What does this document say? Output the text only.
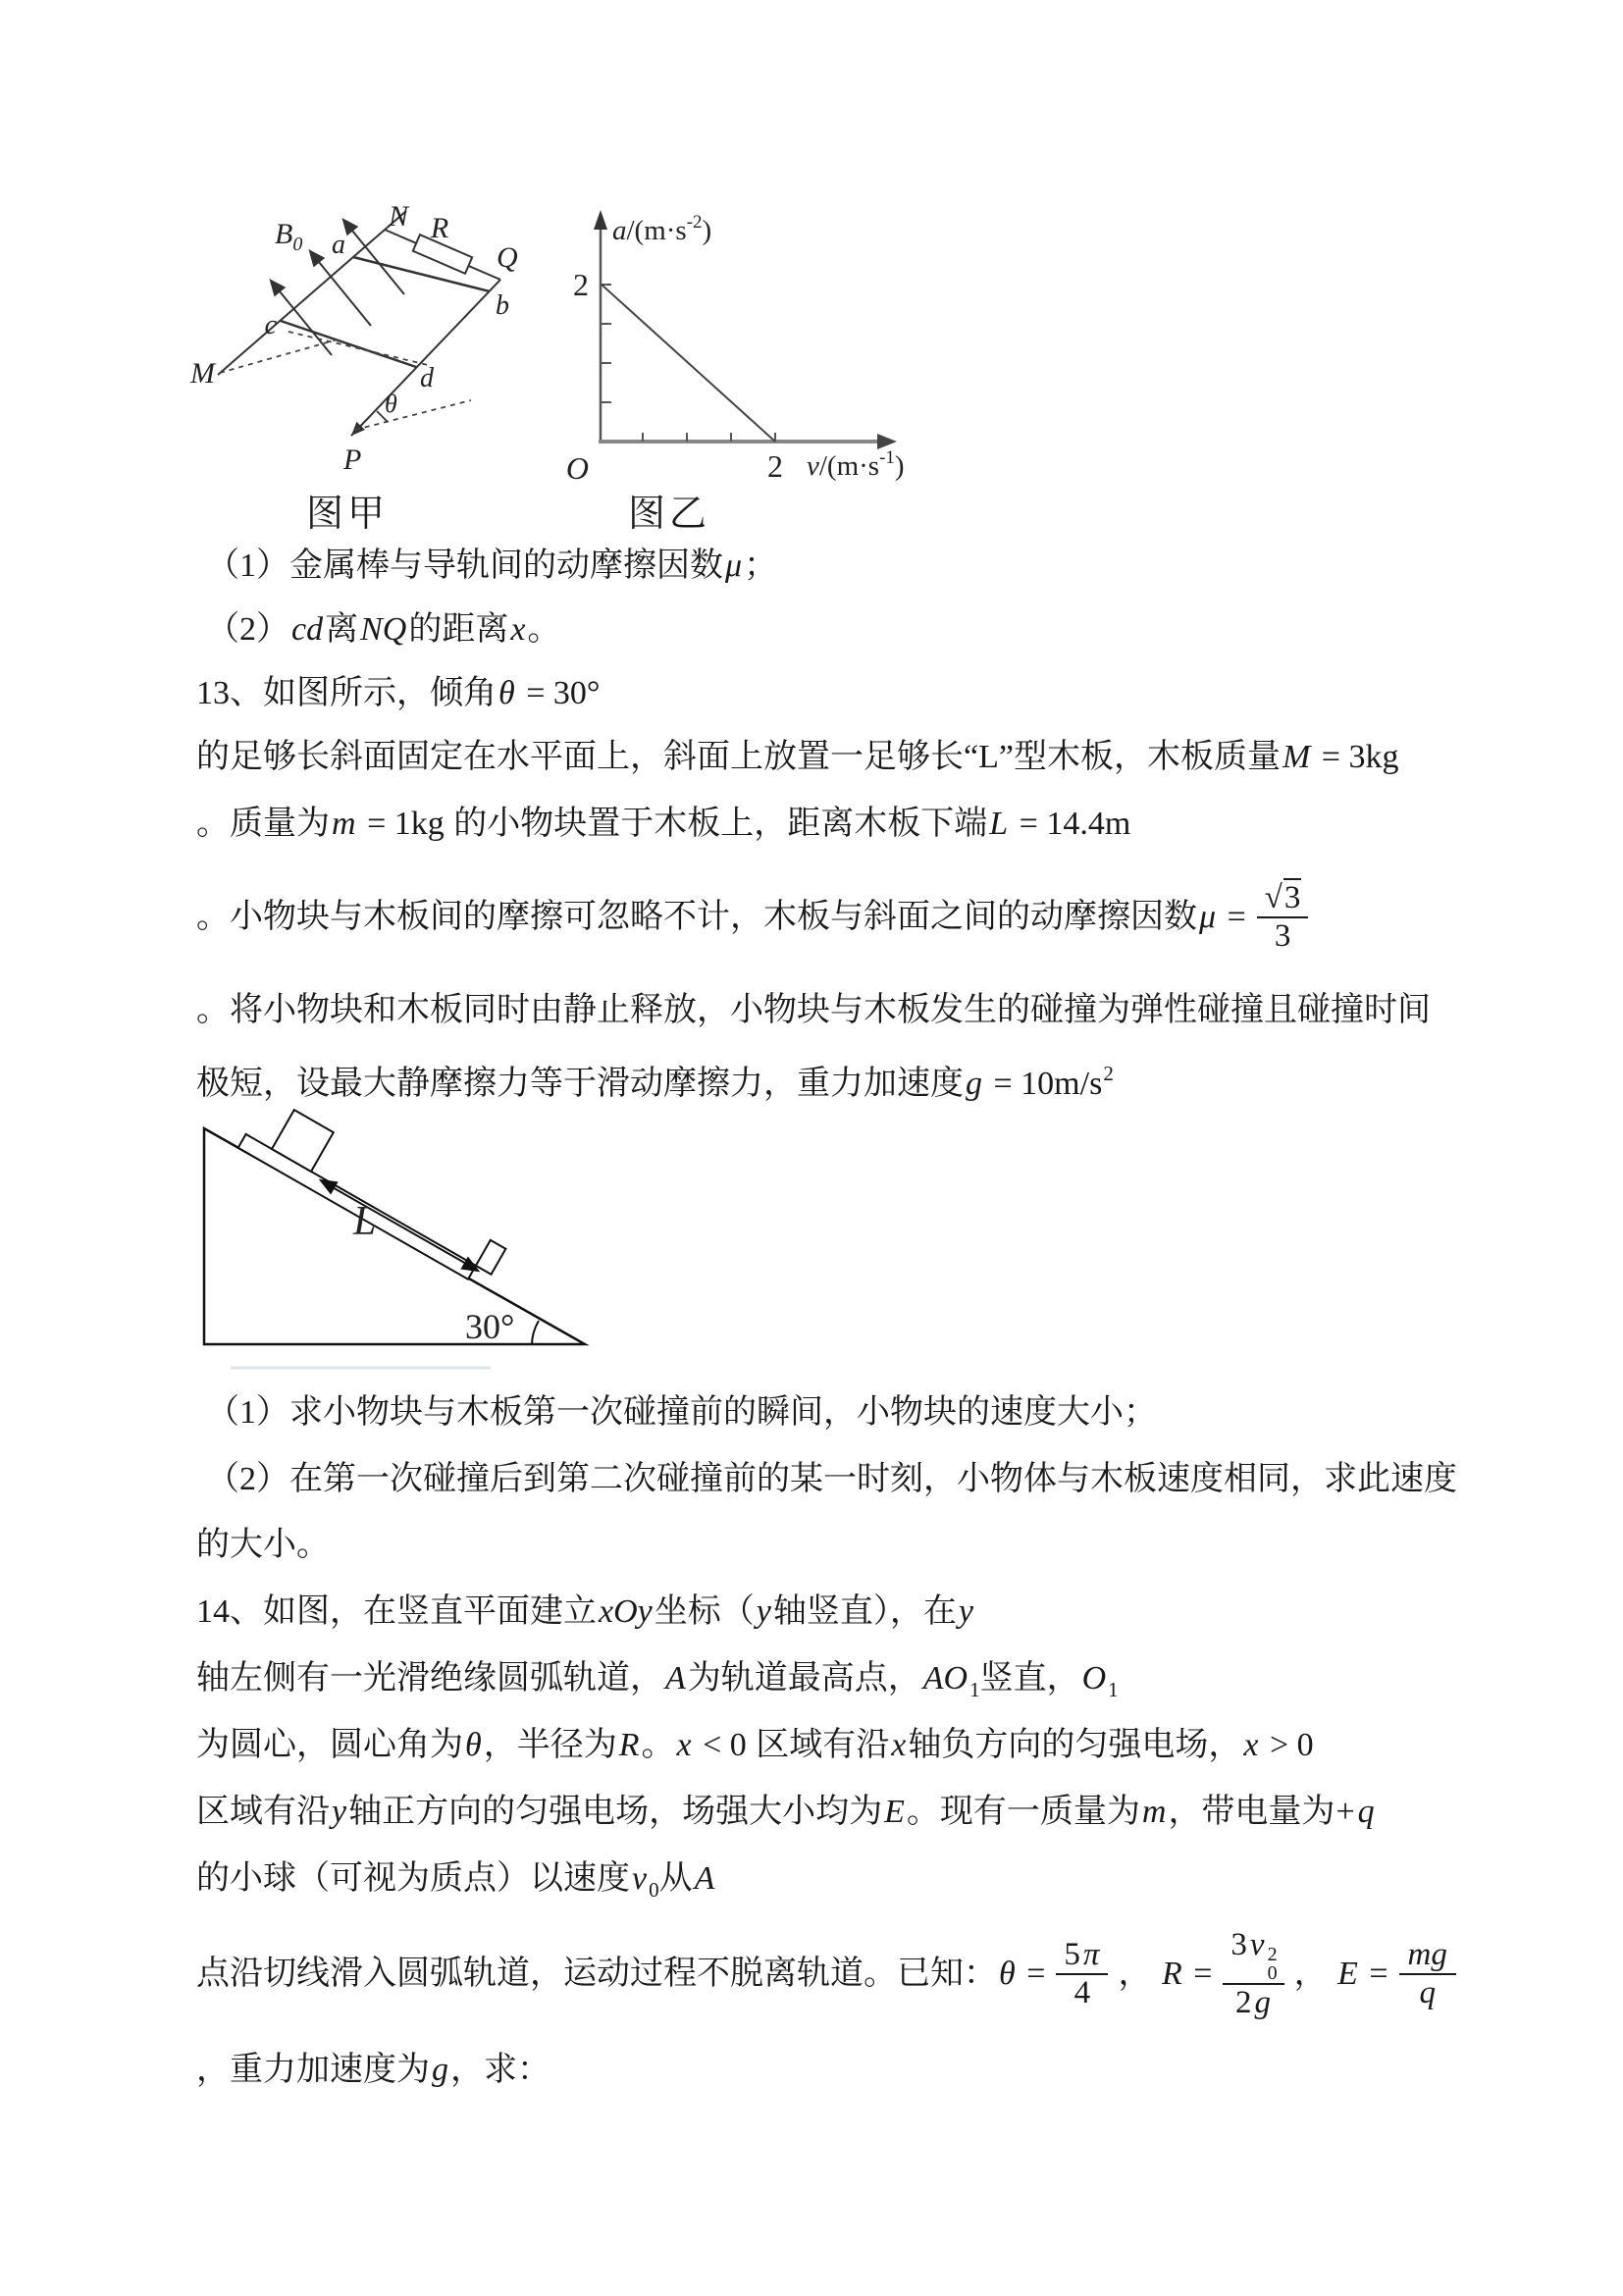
$B_0$
N R
Q
a
b
c
d
M
P
θ
图甲
2
2
O
$a/(m\cdot s^{-2})$
$v/(m\cdot s^{-1})$
图乙
（1）金属棒与导轨间的动摩擦因数μ；
（2）cd离NQ的距离x。
13、如图所示，倾角θ = 30°
的足够长斜面固定在水平面上，斜面上放置一足够长“L”型木板，木板质量M = 3kg
。质量为m = 1kg 的小物块置于木板上，距离木板下端L = 14.4m
。小物块与木板间的摩擦可忽略不计，木板与斜面之间的动摩擦因数$\mu = \frac{√3}{3}$
。将小物块和木板同时由静止释放，小物块与木板发生的碰撞为弹性碰撞且碰撞时间
极短，设最大静摩擦力等于滑动摩擦力，重力加速度$g = 10m/s^2$
L
30°
（1）求小物块与木板第一次碰撞前的瞬间，小物块的速度大小；
（2）在第一次碰撞后到第二次碰撞前的某一时刻，小物体与木板速度相同，求此速度
的大小。
14、如图，在竖直平面建立xOy坐标（y轴竖直），在y
轴左侧有一光滑绝缘圆弧轨道，A为轨道最高点，$AO_1$竖直，$O_1$
为圆心，圆心角为θ，半径为R。x < 0 区域有沿x轴负方向的匀强电场，x > 0
区域有沿y轴正方向的匀强电场，场强大小均为E。现有一质量为m，带电量为+q
的小球（可视为质点）以速度$v_0$从A
点沿切线滑入圆弧轨道，运动过程不脱离轨道。已知：$\theta = \frac{5\pi}{4}$ ， R = 3v 2
0
2g ， $E = \frac{mg}{q}$
，重力加速度为g，求：
